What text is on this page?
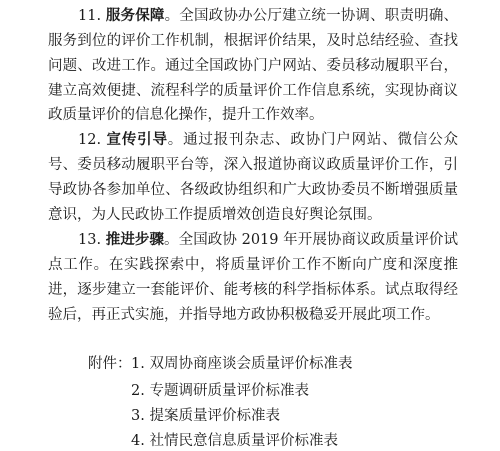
11. 服务保障。全国政协办公厅建立统一协调、职责明确、
服务到位的评价工作机制，根据评价结果，及时总结经验、查找
问题、改进工作。通过全国政协门户网站、委员移动履职平台，
建立高效便捷、流程科学的质量评价工作信息系统，实现协商议
政质量评价的信息化操作，提升工作效率。
12. 宣传引导。通过报刊杂志、政协门户网站、微信公众
号、委员移动履职平台等，深入报道协商议政质量评价工作，引
导政协各参加单位、各级政协组织和广大政协委员不断增强质量
意识，为人民政协工作提质增效创造良好舆论氛围。
13. 推进步骤。全国政协 2019 年开展协商议政质量评价试
点工作。在实践探索中，将质量评价工作不断向广度和深度推
进，逐步建立一套能评价、能考核的科学指标体系。试点取得经
验后，再正式实施，并指导地方政协积极稳妥开展此项工作。
附件： 1. 双周协商座谈会质量评价标准表
2. 专题调研质量评价标准表
3. 提案质量评价标准表
4. 社情民意信息质量评价标准表
